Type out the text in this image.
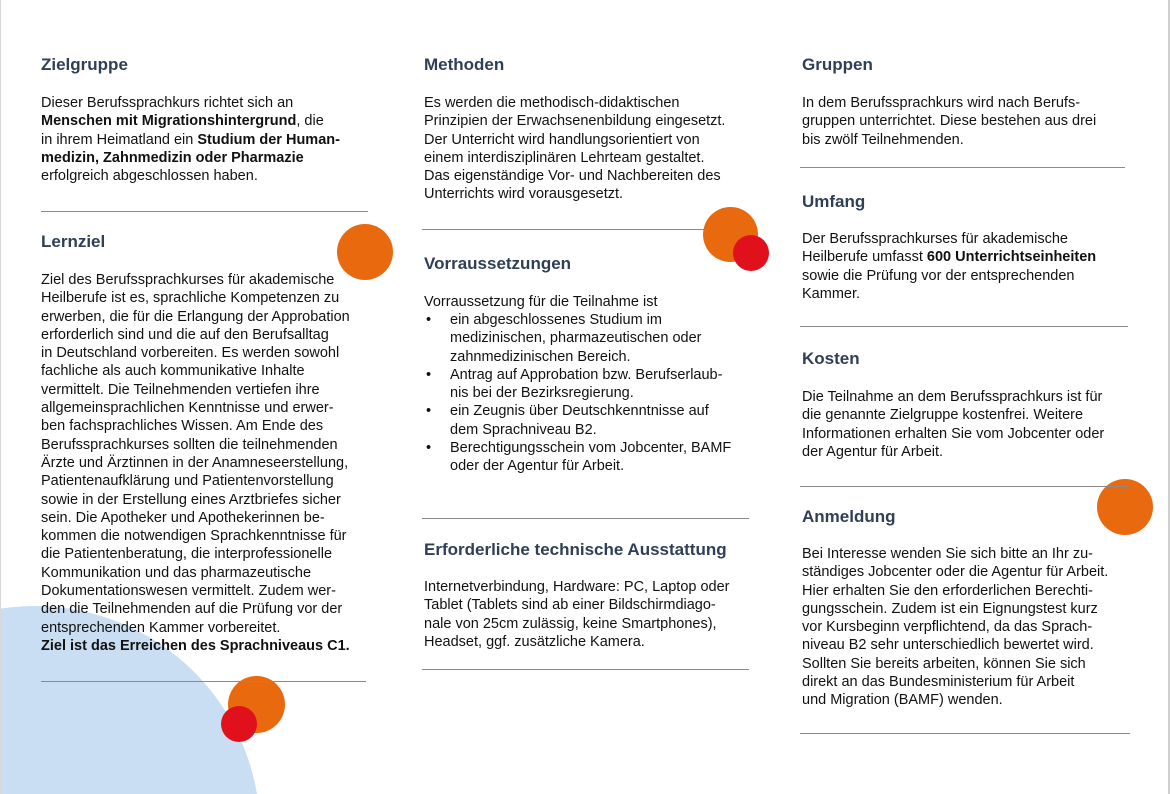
Zielgruppe
Dieser Berufssprachkurs richtet sich an
Menschen mit Migrationshintergrund, die
in ihrem Heimatland ein Studium der Human-
medizin, Zahnmedizin oder Pharmazie
erfolgreich abgeschlossen haben.
Lernziel
Ziel des Berufssprachkurses für akademische
Heilberufe ist es, sprachliche Kompetenzen zu
erwerben, die für die Erlangung der Approbation
erforderlich sind und die auf den Berufsalltag
in Deutschland vorbereiten. Es werden sowohl
fachliche als auch kommunikative Inhalte
vermittelt. Die Teilnehmenden vertiefen ihre
allgemeinsprachlichen Kenntnisse und erwer-
ben fachsprachliches Wissen. Am Ende des
Berufssprachkurses sollten die teilnehmenden
Ärzte und Ärztinnen in der Anamneseerstellung,
Patientenaufklärung und Patientenvorstellung
sowie in der Erstellung eines Arztbriefes sicher
sein. Die Apotheker und Apothekerinnen be-
kommen die notwendigen Sprachkenntnisse für
die Patientenberatung, die interprofessionelle
Kommunikation und das pharmazeutische
Dokumentationswesen vermittelt. Zudem wer-
den die Teilnehmenden auf die Prüfung vor der
entsprechenden Kammer vorbereitet.
Ziel ist das Erreichen des Sprachniveaus C1.
Methoden
Es werden die methodisch-didaktischen
Prinzipien der Erwachsenenbildung eingesetzt.
Der Unterricht wird handlungsorientiert von
einem interdisziplinären Lehrteam gestaltet.
Das eigenständige Vor- und Nachbereiten des
Unterrichts wird vorausgesetzt.
Vorraussetzungen
Vorraussetzung für die Teilnahme ist
• ein abgeschlossenes Studium im
medizinischen, pharmazeutischen oder
zahnmedizinischen Bereich.
• Antrag auf Approbation bzw. Berufserlaub-
nis bei der Bezirksregierung.
• ein Zeugnis über Deutschkenntnisse auf
dem Sprachniveau B2.
• Berechtigungsschein vom Jobcenter, BAMF
oder der Agentur für Arbeit.
Erforderliche technische Ausstattung
Internetverbindung, Hardware: PC, Laptop oder
Tablet (Tablets sind ab einer Bildschirmdiago-
nale von 25cm zulässig, keine Smartphones),
Headset, ggf. zusätzliche Kamera.
Gruppen
In dem Berufssprachkurs wird nach Berufs-
gruppen unterrichtet. Diese bestehen aus drei
bis zwölf Teilnehmenden.
Umfang
Der Berufssprachkurses für akademische
Heilberufe umfasst 600 Unterrichtseinheiten
sowie die Prüfung vor der entsprechenden
Kammer.
Kosten
Die Teilnahme an dem Berufssprachkurs ist für
die genannte Zielgruppe kostenfrei. Weitere
Informationen erhalten Sie vom Jobcenter oder
der Agentur für Arbeit.
Anmeldung
Bei Interesse wenden Sie sich bitte an Ihr zu-
ständiges Jobcenter oder die Agentur für Arbeit.
Hier erhalten Sie den erforderlichen Berechti-
gungsschein. Zudem ist ein Eignungstest kurz
vor Kursbeginn verpflichtend, da das Sprach-
niveau B2 sehr unterschiedlich bewertet wird.
Sollten Sie bereits arbeiten, können Sie sich
direkt an das Bundesministerium für Arbeit
und Migration (BAMF) wenden.
